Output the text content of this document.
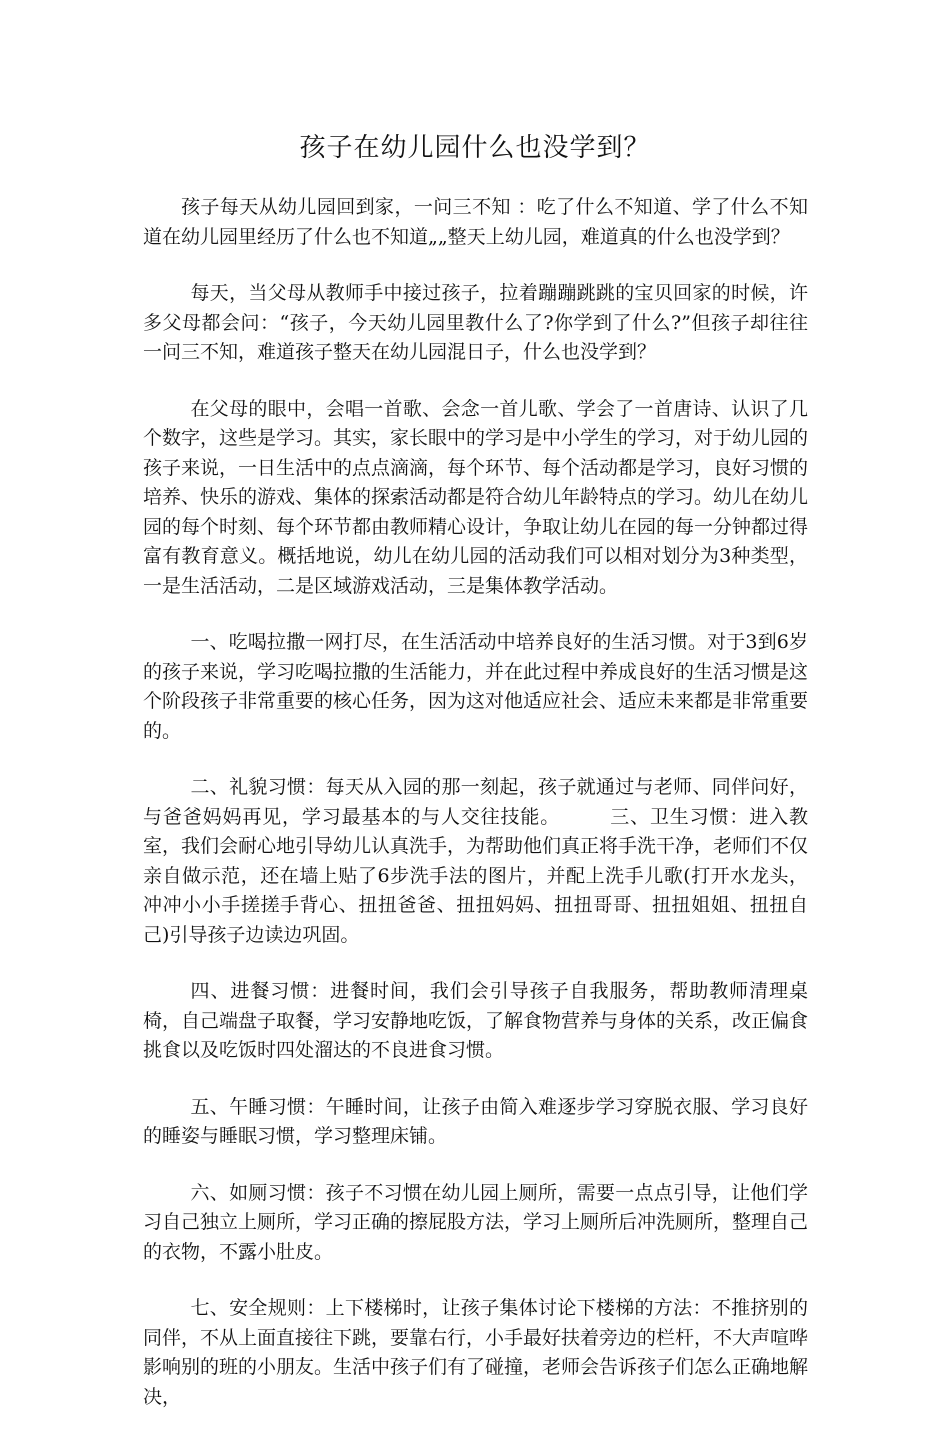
孩子在幼儿园什么也没学到？

孩子每天从幼儿园回到家，一问三不知 ：吃了什么不知道、学了什么不知道在幼儿园里经历了什么也不知道„„整天上幼儿园，难道真的什么也没学到？

每天，当父母从教师手中接过孩子，拉着蹦蹦跳跳的宝贝回家的时候，许多父母都会问：“孩子，今天幼儿园里教什么了?你学到了什么?”但孩子却往往一问三不知，难道孩子整天在幼儿园混日子，什么也没学到？

在父母的眼中，会唱一首歌、会念一首儿歌、学会了一首唐诗、认识了几个数字，这些是学习。其实，家长眼中的学习是中小学生的学习，对于幼儿园的孩子来说，一日生活中的点点滴滴，每个环节、每个活动都是学习，良好习惯的培养、快乐的游戏、集体的探索活动都是符合幼儿年龄特点的学习。幼儿在幼儿园的每个时刻、每个环节都由教师精心设计，争取让幼儿在园的每一分钟都过得富有教育意义。概括地说，幼儿在幼儿园的活动我们可以相对划分为3种类型，一是生活活动，二是区域游戏活动，三是集体教学活动。

一、吃喝拉撒一网打尽，在生活活动中培养良好的生活习惯。对于3到6岁的孩子来说，学习吃喝拉撒的生活能力，并在此过程中养成良好的生活习惯是这个阶段孩子非常重要的核心任务，因为这对他适应社会、适应未来都是非常重要的。

二、礼貌习惯：每天从入园的那一刻起，孩子就通过与老师、同伴问好，与爸爸妈妈再见，学习最基本的与人交往技能。　　　三、卫生习惯：进入教室，我们会耐心地引导幼儿认真洗手，为帮助他们真正将手洗干净，老师们不仅亲自做示范，还在墙上贴了6步洗手法的图片，并配上洗手儿歌(打开水龙头，冲冲小小手搓搓手背心、扭扭爸爸、扭扭妈妈、扭扭哥哥、扭扭姐姐、扭扭自己)引导孩子边读边巩固。

四、进餐习惯：进餐时间，我们会引导孩子自我服务，帮助教师清理桌椅，自己端盘子取餐，学习安静地吃饭，了解食物营养与身体的关系，改正偏食挑食以及吃饭时四处溜达的不良进食习惯。

五、午睡习惯：午睡时间，让孩子由简入难逐步学习穿脱衣服、学习良好的睡姿与睡眠习惯，学习整理床铺。

六、如厕习惯：孩子不习惯在幼儿园上厕所，需要一点点引导，让他们学习自己独立上厕所，学习正确的擦屁股方法，学习上厕所后冲洗厕所，整理自己的衣物，不露小肚皮。

七、安全规则：上下楼梯时，让孩子集体讨论下楼梯的方法：不推挤别的同伴，不从上面直接往下跳，要靠右行，小手最好扶着旁边的栏杆，不大声喧哗影响别的班的小朋友。生活中孩子们有了碰撞，老师会告诉孩子们怎么正确地解决，
